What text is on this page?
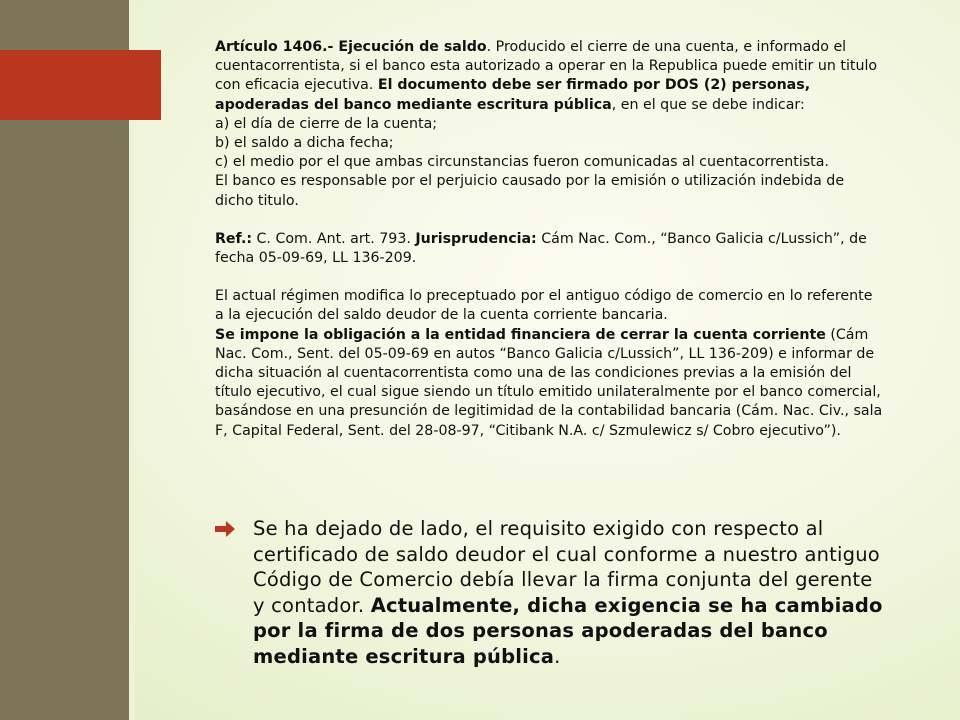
Artículo 1406.- Ejecución de saldo. Producido el cierre de una cuenta, e informado el cuentacorrentista, si el banco esta autorizado a operar en la Republica puede emitir un titulo con eficacia ejecutiva. El documento debe ser firmado por DOS (2) personas, apoderadas del banco mediante escritura pública, en el que se debe indicar:

a) el día de cierre de la cuenta;

b) el saldo a dicha fecha;

c) el medio por el que ambas circunstancias fueron comunicadas al cuentacorrentista.

El banco es responsable por el perjuicio causado por la emisión o utilización indebida de dicho titulo.

Ref.: C. Com. Ant. art. 793. Jurisprudencia: Cám Nac. Com., “Banco Galicia c/Lussich”, de fecha 05-09-69, LL 136-209.

El actual régimen modifica lo preceptuado por el antiguo código de comercio en lo referente a la ejecución del saldo deudor de la cuenta corriente bancaria.

Se impone la obligación a la entidad financiera de cerrar la cuenta corriente (Cám Nac. Com., Sent. del 05-09-69 en autos “Banco Galicia c/Lussich”, LL 136-209) e informar de dicha situación al cuentacorrentista como una de las condiciones previas a la emisión del título ejecutivo, el cual sigue siendo un título emitido unilateralmente por el banco comercial, basándose en una presunción de legitimidad de la contabilidad bancaria (Cám. Nac. Civ., sala F, Capital Federal, Sent. del 28-08-97, “Citibank N.A. c/ Szmulewicz s/ Cobro ejecutivo”).

Se ha dejado de lado, el requisito exigido con respecto al certificado de saldo deudor el cual conforme a nuestro antiguo Código de Comercio debía llevar la firma conjunta del gerente y contador. Actualmente, dicha exigencia se ha cambiado por la firma de dos personas apoderadas del banco mediante escritura pública.
